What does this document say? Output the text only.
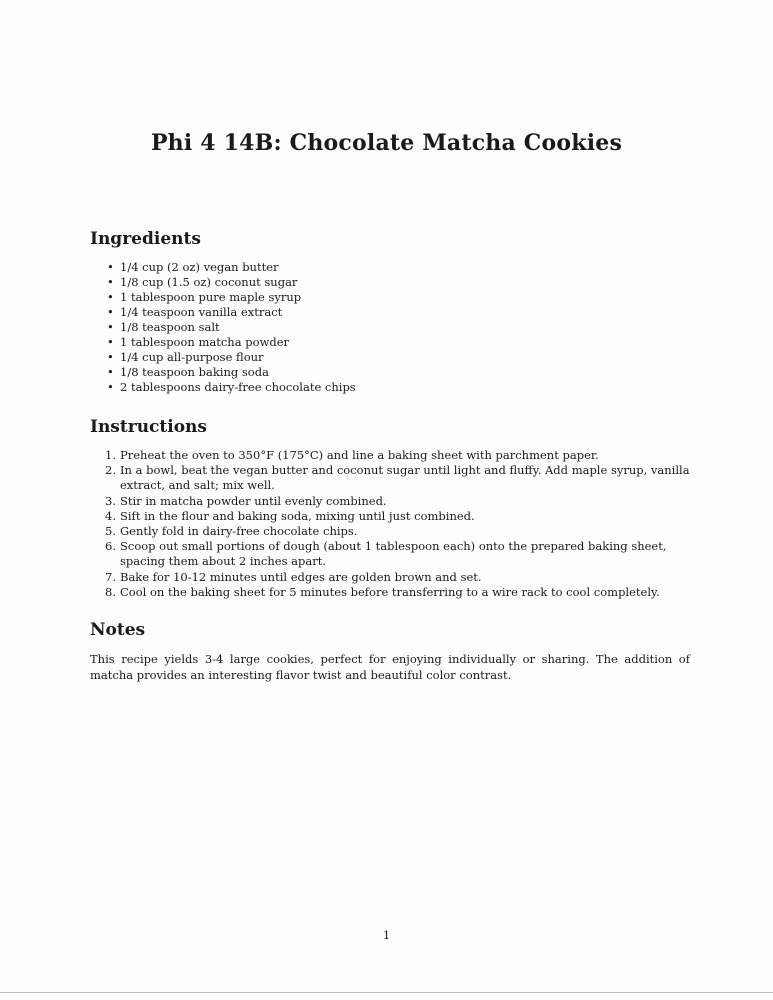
Phi 4 14B: Chocolate Matcha Cookies
Ingredients
• 1/4 cup (2 oz) vegan butter
• 1/8 cup (1.5 oz) coconut sugar
• 1 tablespoon pure maple syrup
• 1/4 teaspoon vanilla extract
• 1/8 teaspoon salt
• 1 tablespoon matcha powder
• 1/4 cup all-purpose flour
• 1/8 teaspoon baking soda
• 2 tablespoons dairy-free chocolate chips
Instructions
1. Preheat the oven to 350°F (175°C) and line a baking sheet with parchment paper.
2. In a bowl, beat the vegan butter and coconut sugar until light and fluffy. Add maple syrup, vanilla extract, and salt; mix well.
3. Stir in matcha powder until evenly combined.
4. Sift in the flour and baking soda, mixing until just combined.
5. Gently fold in dairy-free chocolate chips.
6. Scoop out small portions of dough (about 1 tablespoon each) onto the prepared baking sheet, spacing them about 2 inches apart.
7. Bake for 10-12 minutes until edges are golden brown and set.
8. Cool on the baking sheet for 5 minutes before transferring to a wire rack to cool completely.
Notes
This recipe yields 3-4 large cookies, perfect for enjoying individually or sharing. The addition of matcha provides an interesting flavor twist and beautiful color contrast.
1
